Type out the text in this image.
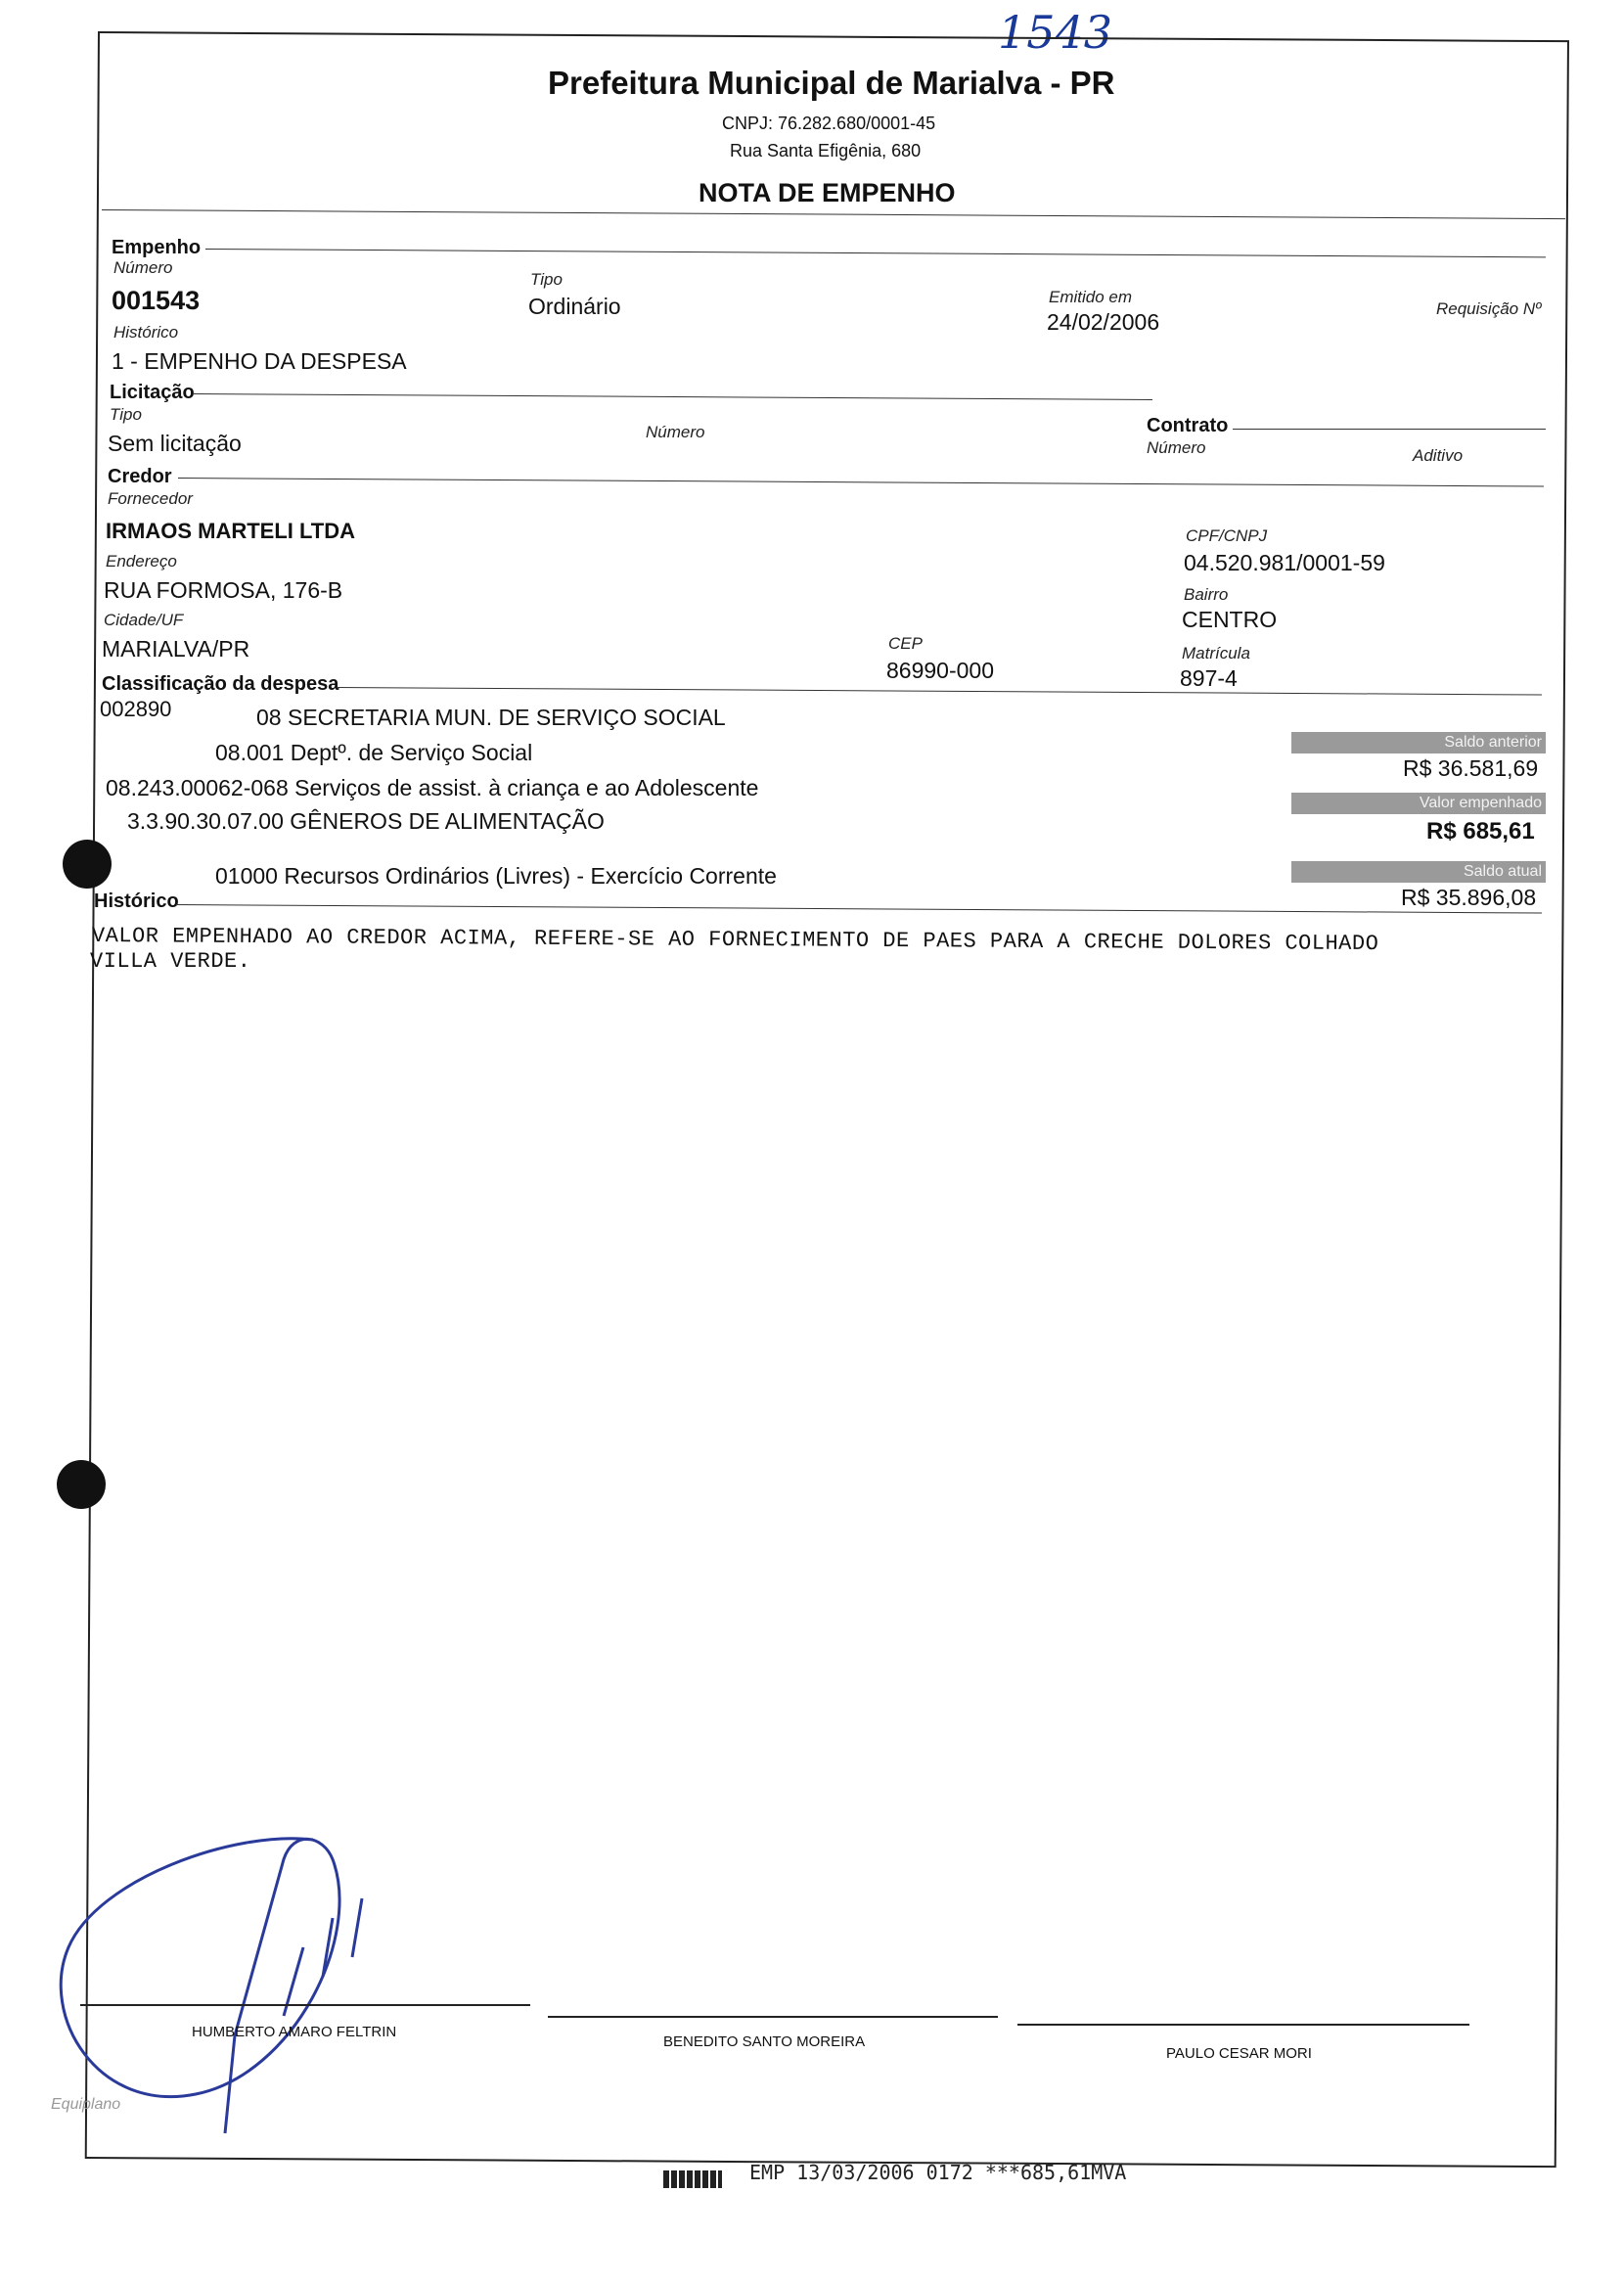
1543
Prefeitura Municipal de Marialva - PR
CNPJ: 76.282.680/0001-45
Rua Santa Efigênia, 680
NOTA DE EMPENHO
Empenho
Número
001543
Tipo
Ordinário	Emitido em
24/02/2006
Requisição Nº
Histórico
1 - EMPENHO DA DESPESA
Licitação
Tipo
Sem licitação	Número	Contrato
Número	Aditivo
Credor
Fornecedor
IRMAOS MARTELI LTDA	CPF/CNPJ
04.520.981/0001-59
Endereço
RUA FORMOSA, 176-B	Bairro
CENTRO
Cidade/UF
MARIALVA/PR	CEP
86990-000
Matrícula
897-4
Classificação da despesa
002890	08 SECRETARIA MUN. DE SERVIÇO SOCIAL
08.001 Deptº. de Serviço Social
08.243.00062-068 Serviços de assist. à criança e ao Adolescente
3.3.90.30.07.00 GÊNEROS DE ALIMENTAÇÃO
01000 Recursos Ordinários (Livres) - Exercício Corrente
Saldo anterior
R$ 36.581,69
Valor empenhado
R$ 685,61
Saldo atual
R$ 35.896,08
Histórico
VALOR EMPENHADO AO CREDOR ACIMA, REFERE-SE AO FORNECIMENTO DE PAES PARA A CRECHE DOLORES COLHADO
VILLA VERDE.
HUMBERTO AMARO FELTRIN
BENEDITO SANTO MOREIRA
PAULO CESAR MORI
Equiplano
EMP 13/03/2006 0172 ***685,61MVA
